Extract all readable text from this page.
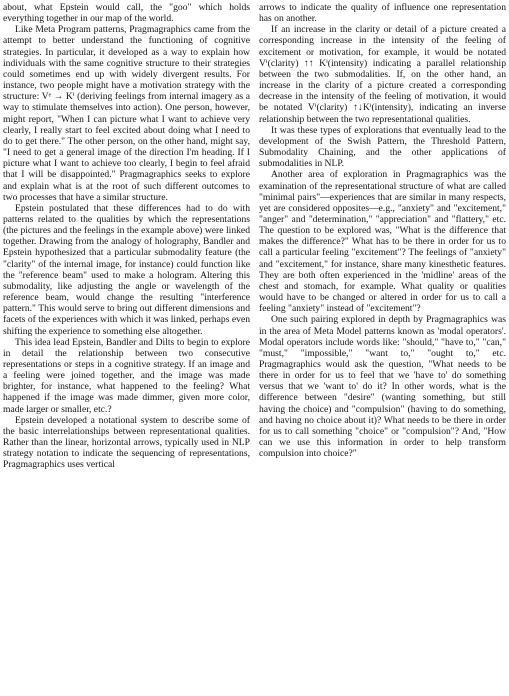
about, what Epstein would call, the "goo" which holds everything together in our map of the world.

Like Meta Program patterns, Pragmagraphics came from the attempt to better understand the functioning of cognitive strategies. In particular, it developed as a way to explain how individuals with the same cognitive structure to their strategies could sometimes end up with widely divergent results. For instance, two people might have a motivation strategy with the structure: Vᵉ → Kⁱ (deriving feelings from internal imagery as a way to stimulate themselves into action). One person, however, might report, "When I can picture what I want to achieve very clearly, I really start to feel excited about doing what I need to do to get there." The other person, on the other hand, might say, "I need to get a general image of the direction I'm heading. If I picture what I want to achieve too clearly, I begin to feel afraid that I will be disappointed." Pragmagraphics seeks to explore and explain what is at the root of such different outcomes to two processes that have a similar structure.

Epstein postulated that these differences had to do with patterns related to the qualities by which the representations (the pictures and the feelings in the example above) were linked together. Drawing from the analogy of holography, Bandler and Epstein hypothesized that a particular submodality feature (the "clarity" of the internal image, for instance) could function like the "reference beam" used to make a hologram. Altering this submodality, like adjusting the angle or wavelength of the reference beam, would change the resulting "interference pattern." This would serve to bring out different dimensions and facets of the experiences with which it was linked, perhaps even shifting the experience to something else altogether.

This idea lead Epstein, Bandler and Dilts to begin to explore in detail the relationship between two consecutive representations or steps in a cognitive strategy. If an image and a feeling were joined together, and the image was made brighter, for instance, what happened to the feeling? What happened if the image was made dimmer, given more color, made larger or smaller, etc.?

Epstein developed a notational system to describe some of the basic interrelationships between representational qualities. Rather than the linear, horizontal arrows, typically used in NLP strategy notation to indicate the sequencing of representations, Pragmagraphics uses vertical

arrows to indicate the quality of influence one representation has on another.

If an increase in the clarity or detail of a picture created a corresponding increase in the intensity of the feeling of excitement or motivation, for example, it would be notated Vⁱ(clarity) ↑↑ Kⁱ(intensity) indicating a parallel relationship between the two submodalities. If, on the other hand, an increase in the clarity of a picture created a corresponding decrease in the intensity of the feeling of motivation, it would be notated Vⁱ(clarity) ↑↓Kⁱ(intensity), indicating an inverse relationship between the two representational qualities.

It was these types of explorations that eventually lead to the development of the Swish Pattern, the Threshold Pattern, Submodality Chaining, and the other applications of submodalities in NLP.

Another area of exploration in Pragmagraphics was the examination of the representational structure of what are called "minimal pairs"—experiences that are similar in many respects, yet are considered opposites—e.g., "anxiety" and "excitement," "anger" and "determination," "appreciation" and "flattery," etc. The question to be explored was, "What is the difference that makes the difference?" What has to be there in order for us to call a particular feeling "excitement"? The feelings of "anxiety" and "excitement," for instance, share many kinesthetic features. They are both often experienced in the 'midline' areas of the chest and stomach, for example. What quality or qualities would have to be changed or altered in order for us to call a feeling "anxiety" instead of "excitement"?

One such pairing explored in depth by Pragmagraphics was in the area of Meta Model patterns known as 'modal operators'. Modal operators include words like: "should," "have to," "can," "must," "impossible," "want to," "ought to," etc. Pragmagraphics would ask the question, "What needs to be there in order for us to feel that we 'have to' do something versus that we 'want to' do it? In other words, what is the difference between "desire" (wanting something, but still having the choice) and "compulsion" (having to do something, and having no choice about it)? What needs to be there in order for us to call something "choice" or "compulsion"? And, "How can we use this information in order to help transform compulsion into choice?"
